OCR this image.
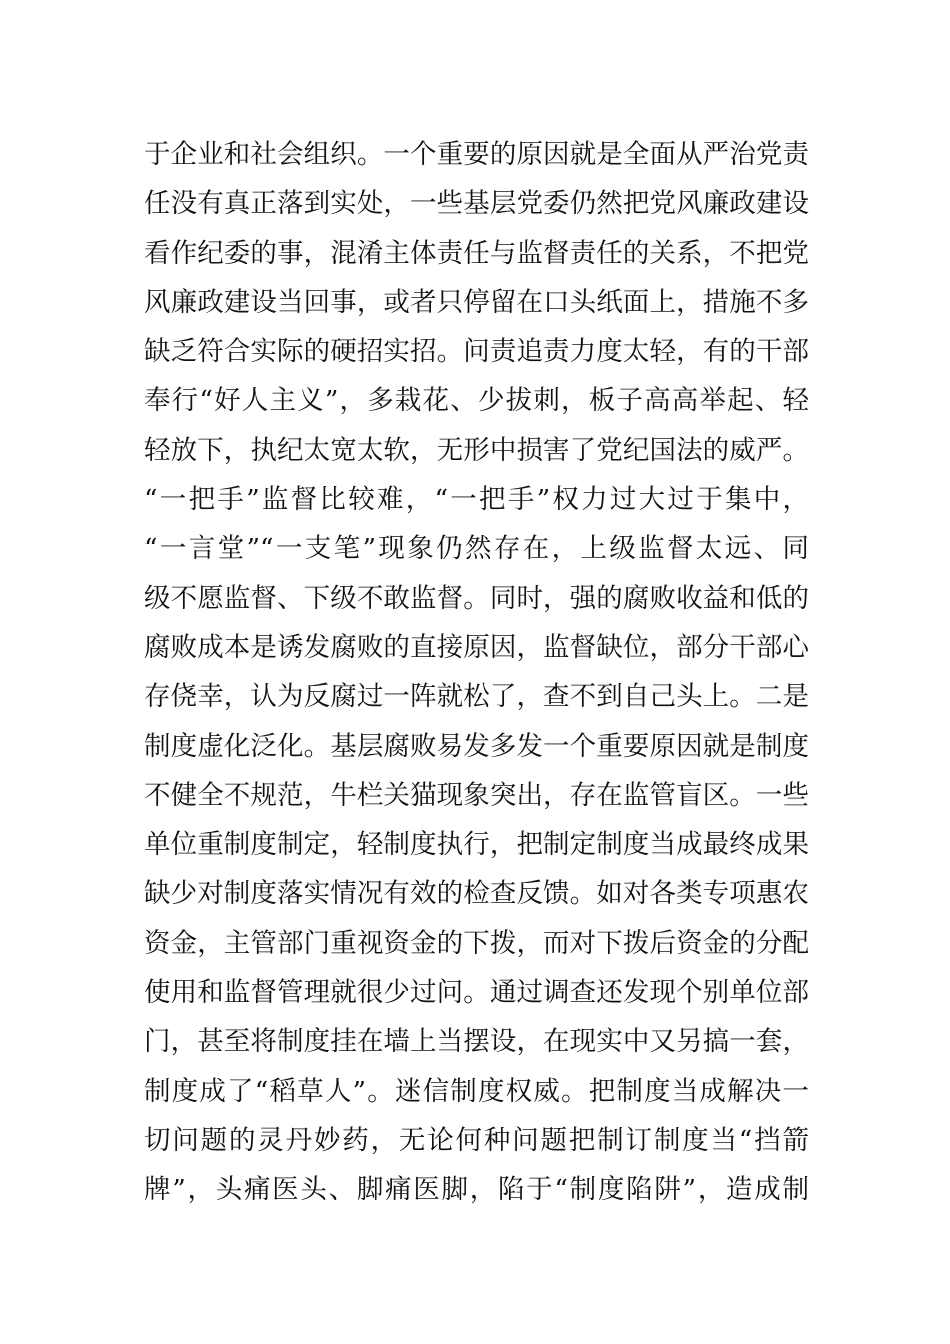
于企业和社会组织。一个重要的原因就是全面从严治党责
任没有真正落到实处，一些基层党委仍然把党风廉政建设
看作纪委的事，混淆主体责任与监督责任的关系，不把党
风廉政建设当回事，或者只停留在口头纸面上，措施不多
缺乏符合实际的硬招实招。问责追责力度太轻，有的干部
奉行“好人主义”，多栽花、少拔刺，板子高高举起、轻
轻放下，执纪太宽太软，无形中损害了党纪国法的威严。
“一把手”监督比较难，“一把手”权力过大过于集中，
“一言堂”“一支笔”现象仍然存在，上级监督太远、同
级不愿监督、下级不敢监督。同时，强的腐败收益和低的
腐败成本是诱发腐败的直接原因，监督缺位，部分干部心
存侥幸，认为反腐过一阵就松了，查不到自己头上。二是
制度虚化泛化。基层腐败易发多发一个重要原因就是制度
不健全不规范，牛栏关猫现象突出，存在监管盲区。一些
单位重制度制定，轻制度执行，把制定制度当成最终成果
缺少对制度落实情况有效的检查反馈。如对各类专项惠农
资金，主管部门重视资金的下拨，而对下拨后资金的分配
使用和监督管理就很少过问。通过调查还发现个别单位部
门，甚至将制度挂在墙上当摆设，在现实中又另搞一套，
制度成了“稻草人”。迷信制度权威。把制度当成解决一
切问题的灵丹妙药，无论何种问题把制订制度当“挡箭
牌”，头痛医头、脚痛医脚，陷于“制度陷阱”，造成制
